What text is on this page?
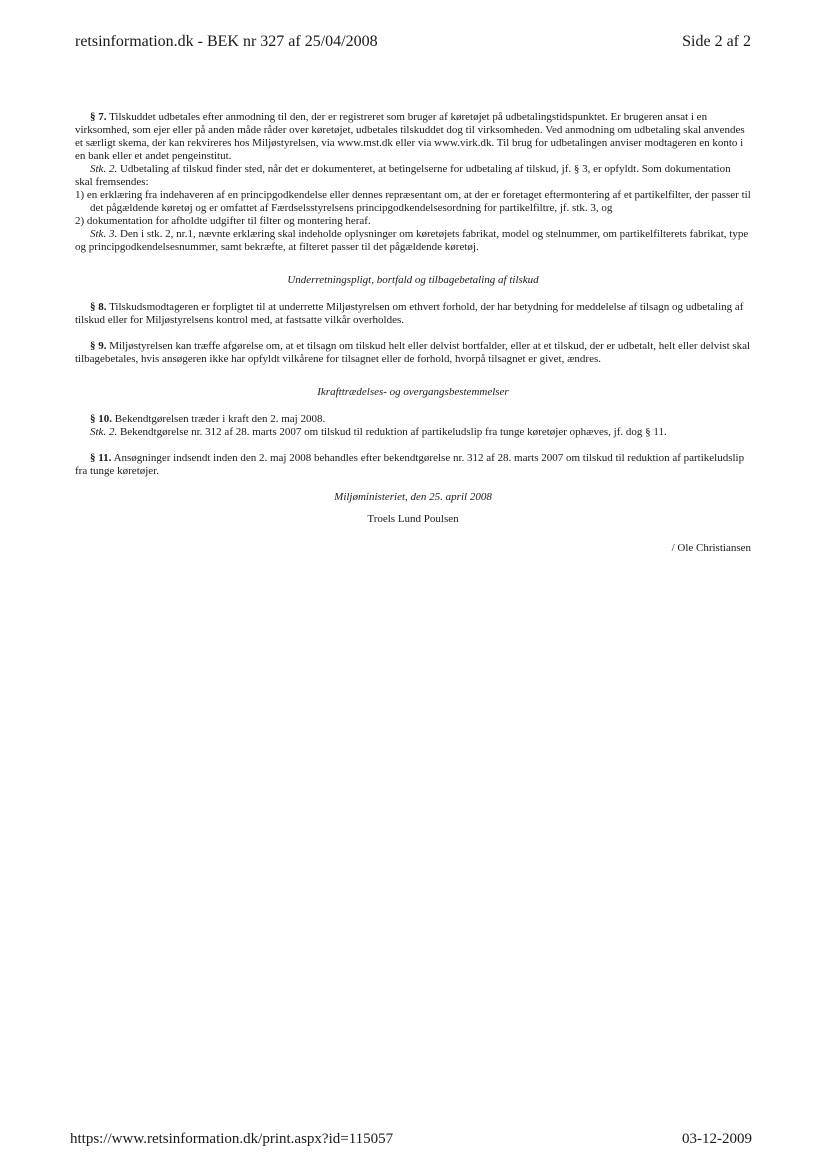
retsinformation.dk - BEK nr 327 af 25/04/2008	Side 2 af 2

§ 7. Tilskuddet udbetales efter anmodning til den, der er registreret som bruger af køretøjet på udbetalingstidspunktet. Er brugeren ansat i en virksomhed, som ejer eller på anden måde råder over køretøjet, udbetales tilskuddet dog til virksomheden. Ved anmodning om udbetaling skal anvendes et særligt skema, der kan rekvireres hos Miljøstyrelsen, via www.mst.dk eller via www.virk.dk. Til brug for udbetalingen anviser modtageren en konto i en bank eller et andet pengeinstitut.

Stk. 2. Udbetaling af tilskud finder sted, når det er dokumenteret, at betingelserne for udbetaling af tilskud, jf. § 3, er opfyldt. Som dokumentation skal fremsendes:

1) en erklæring fra indehaveren af en principgodkendelse eller dennes repræsentant om, at der er foretaget eftermontering af et partikelfilter, der passer til det pågældende køretøj og er omfattet af Færdselsstyrelsens principgodkendelsesordning for partikelfiltre, jf. stk. 3, og

2) dokumentation for afholdte udgifter til filter og montering heraf.

Stk. 3. Den i stk. 2, nr.1, nævnte erklæring skal indeholde oplysninger om køretøjets fabrikat, model og stelnummer, om partikelfilterets fabrikat, type og principgodkendelsesnummer, samt bekræfte, at filteret passer til det pågældende køretøj.

Underretningspligt, bortfald og tilbagebetaling af tilskud

§ 8. Tilskudsmodtageren er forpligtet til at underrette Miljøstyrelsen om ethvert forhold, der har betydning for meddelelse af tilsagn og udbetaling af tilskud eller for Miljøstyrelsens kontrol med, at fastsatte vilkår overholdes.

§ 9. Miljøstyrelsen kan træffe afgørelse om, at et tilsagn om tilskud helt eller delvist bortfalder, eller at et tilskud, der er udbetalt, helt eller delvist skal tilbagebetales, hvis ansøgeren ikke har opfyldt vilkårene for tilsagnet eller de forhold, hvorpå tilsagnet er givet, ændres.

Ikrafttrædelses- og overgangsbestemmelser

§ 10. Bekendtgørelsen træder i kraft den 2. maj 2008.

Stk. 2. Bekendtgørelse nr. 312 af 28. marts 2007 om tilskud til reduktion af partikeludslip fra tunge køretøjer ophæves, jf. dog § 11.

§ 11. Ansøgninger indsendt inden den 2. maj 2008 behandles efter bekendtgørelse nr. 312 af 28. marts 2007 om tilskud til reduktion af partikeludslip fra tunge køretøjer.

Miljøministeriet, den 25. april 2008

Troels Lund Poulsen

/ Ole Christiansen

https://www.retsinformation.dk/print.aspx?id=115057	03-12-2009
